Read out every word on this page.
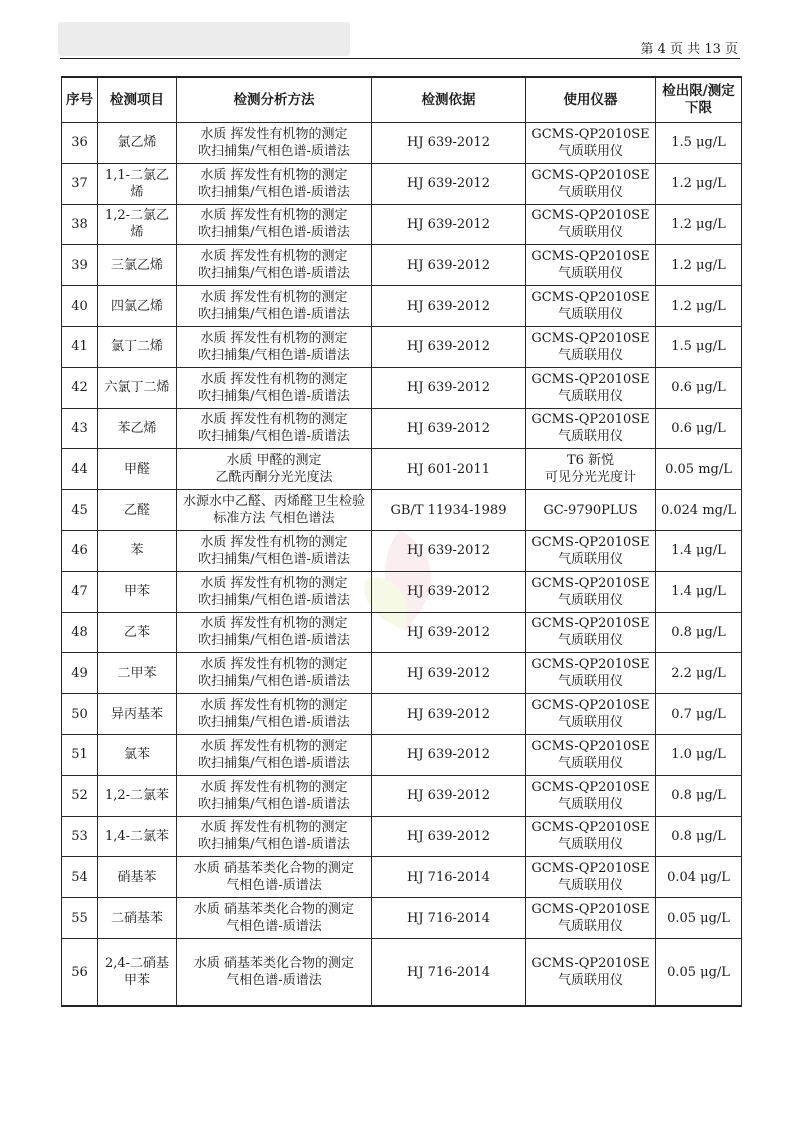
第 4 页 共 13 页
序号	检测项目	检测分析方法	检测依据	使用仪器	检出限/测定下限

36	氯乙烯	水质 挥发性有机物的测定
吹扫捕集/气相色谱-质谱法	HJ 639-2012	GCMS-QP2010SE
气质联用仪	1.5 μg/L
37	1,1-二氯乙烯	水质 挥发性有机物的测定
吹扫捕集/气相色谱-质谱法	HJ 639-2012	GCMS-QP2010SE
气质联用仪	1.2 μg/L
38	1,2-二氯乙烯	水质 挥发性有机物的测定
吹扫捕集/气相色谱-质谱法	HJ 639-2012	GCMS-QP2010SE
气质联用仪	1.2 μg/L
39	三氯乙烯	水质 挥发性有机物的测定
吹扫捕集/气相色谱-质谱法	HJ 639-2012	GCMS-QP2010SE
气质联用仪	1.2 μg/L
40	四氯乙烯	水质 挥发性有机物的测定
吹扫捕集/气相色谱-质谱法	HJ 639-2012	GCMS-QP2010SE
气质联用仪	1.2 μg/L
41	氯丁二烯	水质 挥发性有机物的测定
吹扫捕集/气相色谱-质谱法	HJ 639-2012	GCMS-QP2010SE
气质联用仪	1.5 μg/L
42	六氯丁二烯	水质 挥发性有机物的测定
吹扫捕集/气相色谱-质谱法	HJ 639-2012	GCMS-QP2010SE
气质联用仪	0.6 μg/L
43	苯乙烯	水质 挥发性有机物的测定
吹扫捕集/气相色谱-质谱法	HJ 639-2012	GCMS-QP2010SE
气质联用仪	0.6 μg/L
44	甲醛	水质 甲醛的测定
乙酰丙酮分光光度法	HJ 601-2011	T6 新悦
可见分光光度计	0.05 mg/L
45	乙醛	水源水中乙醛、丙烯醛卫生检验
标准方法 气相色谱法	GB/T 11934-1989	GC-9790PLUS	0.024 mg/L
46	苯	水质 挥发性有机物的测定
吹扫捕集/气相色谱-质谱法	HJ 639-2012	GCMS-QP2010SE
气质联用仪	1.4 μg/L
47	甲苯	水质 挥发性有机物的测定
吹扫捕集/气相色谱-质谱法	HJ 639-2012	GCMS-QP2010SE
气质联用仪	1.4 μg/L
48	乙苯	水质 挥发性有机物的测定
吹扫捕集/气相色谱-质谱法	HJ 639-2012	GCMS-QP2010SE
气质联用仪	0.8 μg/L
49	二甲苯	水质 挥发性有机物的测定
吹扫捕集/气相色谱-质谱法	HJ 639-2012	GCMS-QP2010SE
气质联用仪	2.2 μg/L
50	异丙基苯	水质 挥发性有机物的测定
吹扫捕集/气相色谱-质谱法	HJ 639-2012	GCMS-QP2010SE
气质联用仪	0.7 μg/L
51	氯苯	水质 挥发性有机物的测定
吹扫捕集/气相色谱-质谱法	HJ 639-2012	GCMS-QP2010SE
气质联用仪	1.0 μg/L
52	1,2-二氯苯	水质 挥发性有机物的测定
吹扫捕集/气相色谱-质谱法	HJ 639-2012	GCMS-QP2010SE
气质联用仪	0.8 μg/L
53	1,4-二氯苯	水质 挥发性有机物的测定
吹扫捕集/气相色谱-质谱法	HJ 639-2012	GCMS-QP2010SE
气质联用仪	0.8 μg/L
54	硝基苯	水质 硝基苯类化合物的测定
气相色谱-质谱法	HJ 716-2014	GCMS-QP2010SE
气质联用仪	0.04 μg/L
55	二硝基苯	水质 硝基苯类化合物的测定
气相色谱-质谱法	HJ 716-2014	GCMS-QP2010SE
气质联用仪	0.05 μg/L
56	2,4-二硝基甲苯	水质 硝基苯类化合物的测定
气相色谱-质谱法	HJ 716-2014	GCMS-QP2010SE
气质联用仪	0.05 μg/L
